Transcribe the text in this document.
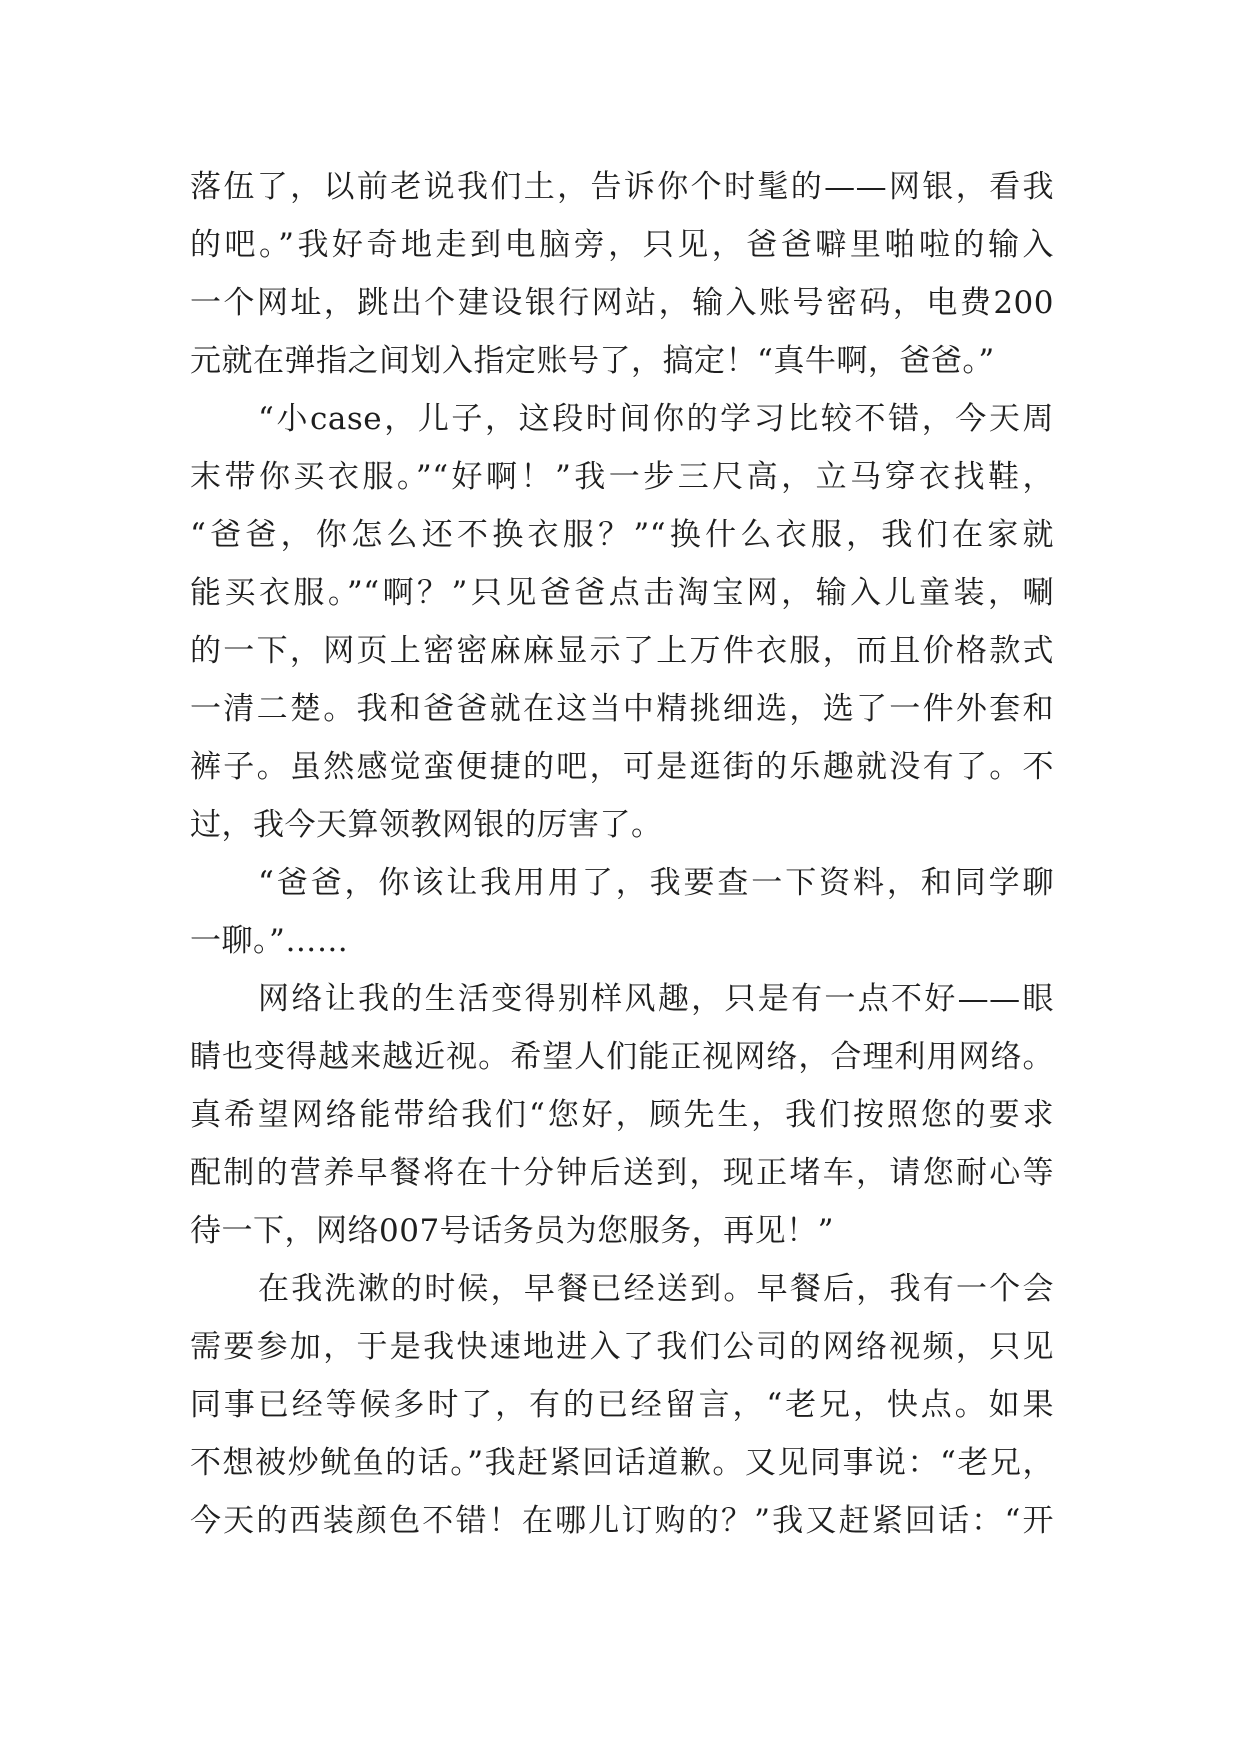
落伍了，以前老说我们土，告诉你个时髦的——网银，看我
的吧。”我好奇地走到电脑旁，只见，爸爸噼里啪啦的输入
一个网址，跳出个建设银行网站，输入账号密码，电费200
元就在弹指之间划入指定账号了，搞定！“真牛啊，爸爸。”
“小case，儿子，这段时间你的学习比较不错，今天周
末带你买衣服。”“好啊！”我一步三尺高，立马穿衣找鞋，
“爸爸，你怎么还不换衣服？”“换什么衣服，我们在家就
能买衣服。”“啊？”只见爸爸点击淘宝网，输入儿童装，唰
的一下，网页上密密麻麻显示了上万件衣服，而且价格款式
一清二楚。我和爸爸就在这当中精挑细选，选了一件外套和
裤子。虽然感觉蛮便捷的吧，可是逛街的乐趣就没有了。不
过，我今天算领教网银的厉害了。
“爸爸，你该让我用用了，我要查一下资料，和同学聊
一聊。”……
网络让我的生活变得别样风趣，只是有一点不好——眼
睛也变得越来越近视。希望人们能正视网络，合理利用网络。
真希望网络能带给我们“您好，顾先生，我们按照您的要求
配制的营养早餐将在十分钟后送到，现正堵车，请您耐心等
待一下，网络007号话务员为您服务，再见！”
在我洗漱的时候，早餐已经送到。早餐后，我有一个会
需要参加，于是我快速地进入了我们公司的网络视频，只见
同事已经等候多时了，有的已经留言，“老兄，快点。如果
不想被炒鱿鱼的话。”我赶紧回话道歉。又见同事说：“老兄，
今天的西装颜色不错！在哪儿订购的？”我又赶紧回话：“开
